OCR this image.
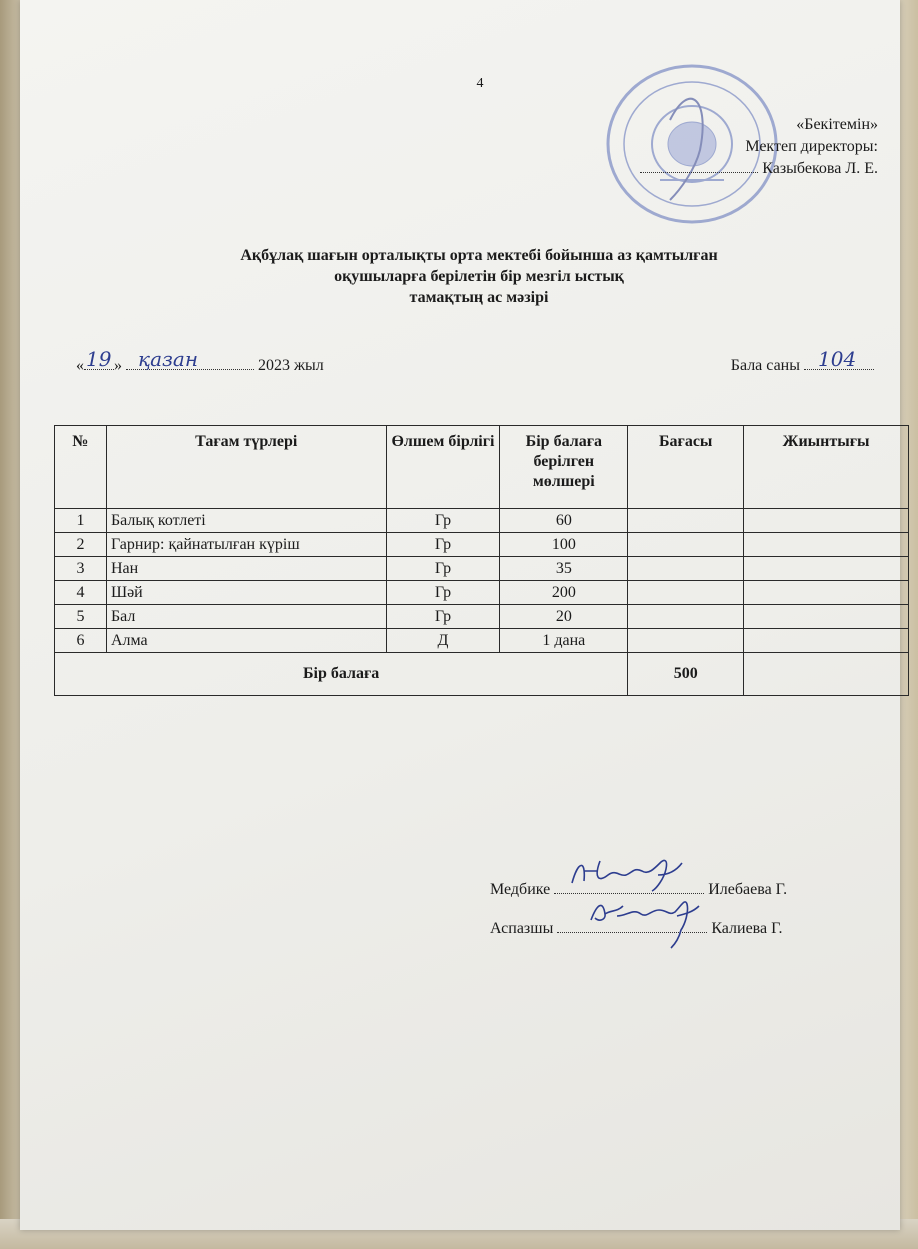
4
«Бекітемін»
Мектеп директоры:
Казыбекова Л. Е.
Ақбұлақ шағын орталықты орта мектебі бойынша аз қамтылған
оқушыларға берілетін бір мезгіл ыстық
тамақтың ас мәзірі
« 19 » қазан	2023 жыл	Бала саны 104
№	Тағам түрлері	Өлшем бірлігі	Бір балаға берілген мөлшері	Бағасы	Жиынтығы
1	Балық котлеті	Гр	60		
2	Гарнир: қайнатылған күріш	Гр	100		
3	Нан	Гр	35		
4	Шәй	Гр	200		
5	Бал	Гр	20		
6	Алма	Д	1 дана		
Бір балаға				500	
Медбике	Илебаева Г.
Аспазшы	Калиева Г.
